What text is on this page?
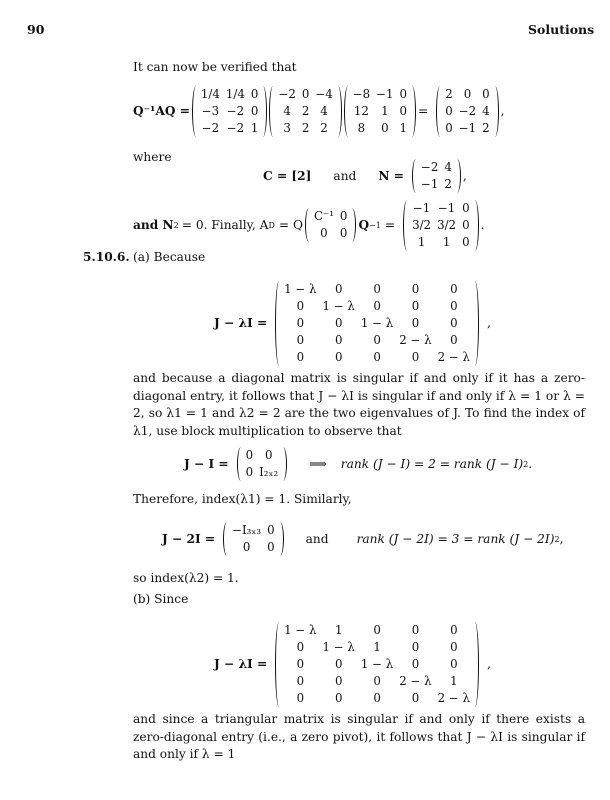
90	Solutions
It can now be verified that
Q⁻¹AQ =
1/4	1/4	0
−3	−2	0
−2	−2	1
−2	0	−4
4	2	4
3	2	2
−8	−1	0
12	1	0
8	0	1
=
2	0	0
0	−2	4
0	−1	2
,
where
C = [2] and N =
−2	4
−1	2
,
and N 2 = 0. Finally, A D = Q
C⁻¹	0
0	0
Q −1 =
−1	−1	0
3/2	3/2	0
1	1	0
.
5.10.6. (a) Because
J − λI =
1 − λ	0	0	0	0
0	1 − λ	0	0	0
0	0	1 − λ	0	0
0	0	0	2 − λ	0
0	0	0	0	2 − λ
,
and because a diagonal matrix is singular if and only if it has a zero-diagonal entry, it follows that J − λI is singular if and only if λ = 1 or λ = 2, so λ1 = 1 and λ2 = 2 are the two eigenvalues of J. To find the index of λ1, use block multiplication to observe that
J − I =
0	0
0	I₂ₓ₂
⟹ rank (J − I) = 2 = rank (J − I) 2 .
Therefore, index(λ1) = 1. Similarly,
J − 2I =
−I₃ₓ₃	0
0	0
and rank (J − 2I) = 3 = rank (J − 2I) 2 ,
so index(λ2) = 1.
(b) Since
J − λI =
1 − λ	1	0	0	0
0	1 − λ	1	0	0
0	0	1 − λ	0	0
0	0	0	2 − λ	1
0	0	0	0	2 − λ
,
and since a triangular matrix is singular if and only if there exists a zero-diagonal entry (i.e., a zero pivot), it follows that J − λI is singular if and only if λ = 1
